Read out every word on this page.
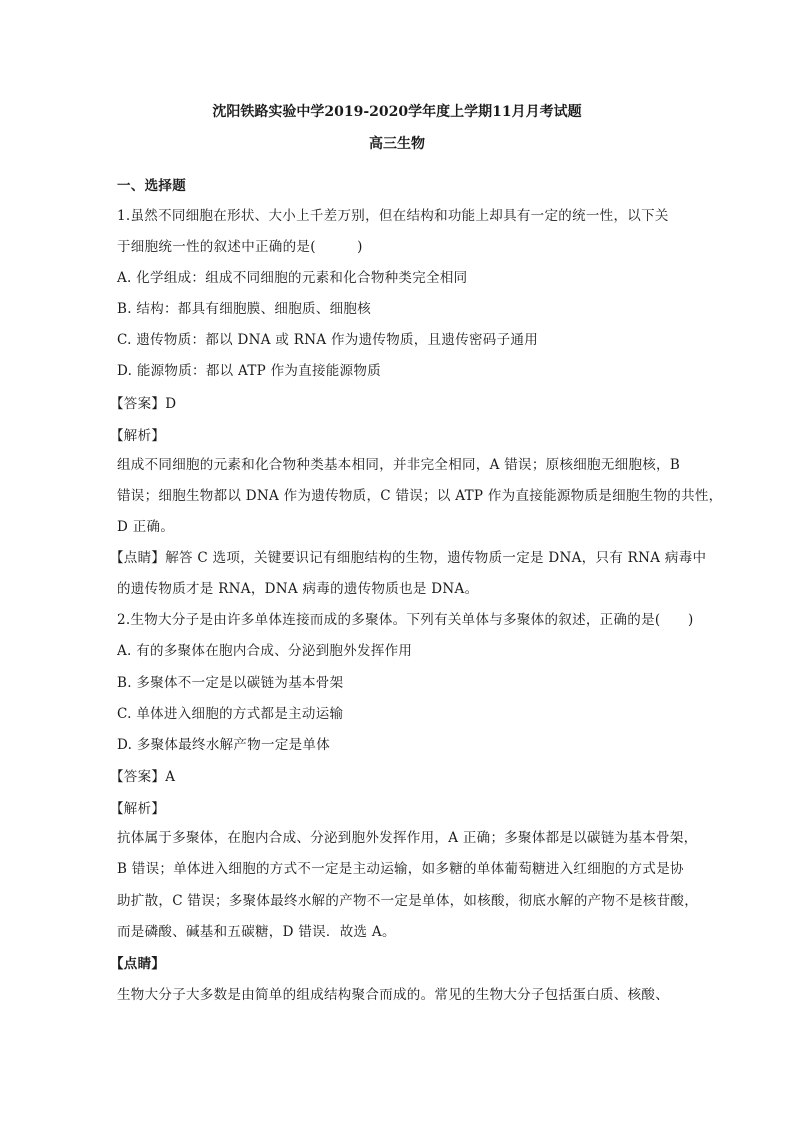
沈阳铁路实验中学2019-2020学年度上学期11月月考试题
高三生物
一、选择题
1.虽然不同细胞在形状、大小上千差万别，但在结构和功能上却具有一定的统一性，以下关
于细胞统一性的叙述中正确的是(　　　)
A. 化学组成：组成不同细胞的元素和化合物种类完全相同
B. 结构：都具有细胞膜、细胞质、细胞核
C. 遗传物质：都以 DNA 或 RNA 作为遗传物质，且遗传密码子通用
D. 能源物质：都以 ATP 作为直接能源物质
【答案】D
【解析】
组成不同细胞的元素和化合物种类基本相同，并非完全相同，A 错误；原核细胞无细胞核，B
错误；细胞生物都以 DNA 作为遗传物质，C 错误；以 ATP 作为直接能源物质是细胞生物的共性，
D 正确。
【点睛】解答 C 选项，关键要识记有细胞结构的生物，遗传物质一定是 DNA，只有 RNA 病毒中
的遗传物质才是 RNA，DNA 病毒的遗传物质也是 DNA。
2.生物大分子是由许多单体连接而成的多聚体。下列有关单体与多聚体的叙述，正确的是(　　)
A. 有的多聚体在胞内合成、分泌到胞外发挥作用
B. 多聚体不一定是以碳链为基本骨架
C. 单体进入细胞的方式都是主动运输
D. 多聚体最终水解产物一定是单体
【答案】A
【解析】
抗体属于多聚体，在胞内合成、分泌到胞外发挥作用，A 正确；多聚体都是以碳链为基本骨架，
B 错误；单体进入细胞的方式不一定是主动运输，如多糖的单体葡萄糖进入红细胞的方式是协
助扩散，C 错误；多聚体最终水解的产物不一定是单体，如核酸，彻底水解的产物不是核苷酸，
而是磷酸、碱基和五碳糖，D 错误．故选 A。
【点睛】
生物大分子大多数是由简单的组成结构聚合而成的。常见的生物大分子包括蛋白质、核酸、
